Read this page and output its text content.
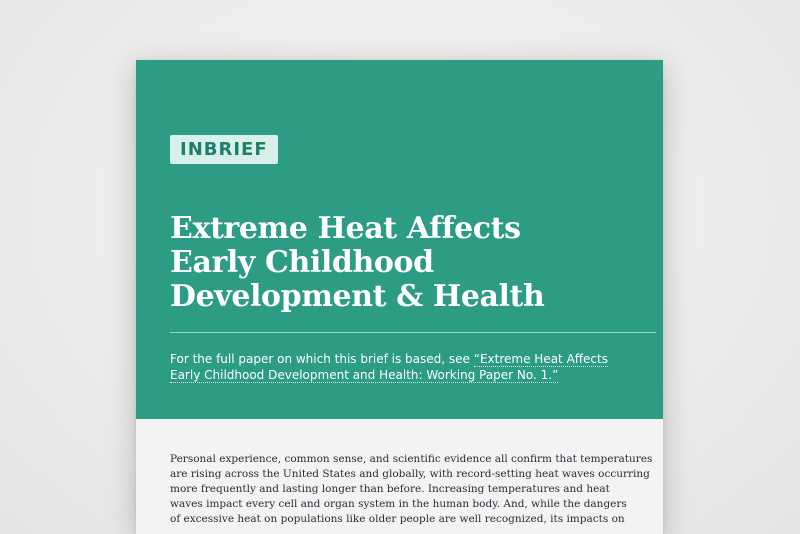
INBRIEF
Extreme Heat Affects
Early Childhood
Development & Health
For the full paper on which this brief is based, see “Extreme Heat Affects
Early Childhood Development and Health: Working Paper No. 1.”
Personal experience, common sense, and scientific evidence all confirm that temperatures
are rising across the United States and globally, with record-setting heat waves occurring
more frequently and lasting longer than before. Increasing temperatures and heat
waves impact every cell and organ system in the human body. And, while the dangers
of excessive heat on populations like older people are well recognized, its impacts on
